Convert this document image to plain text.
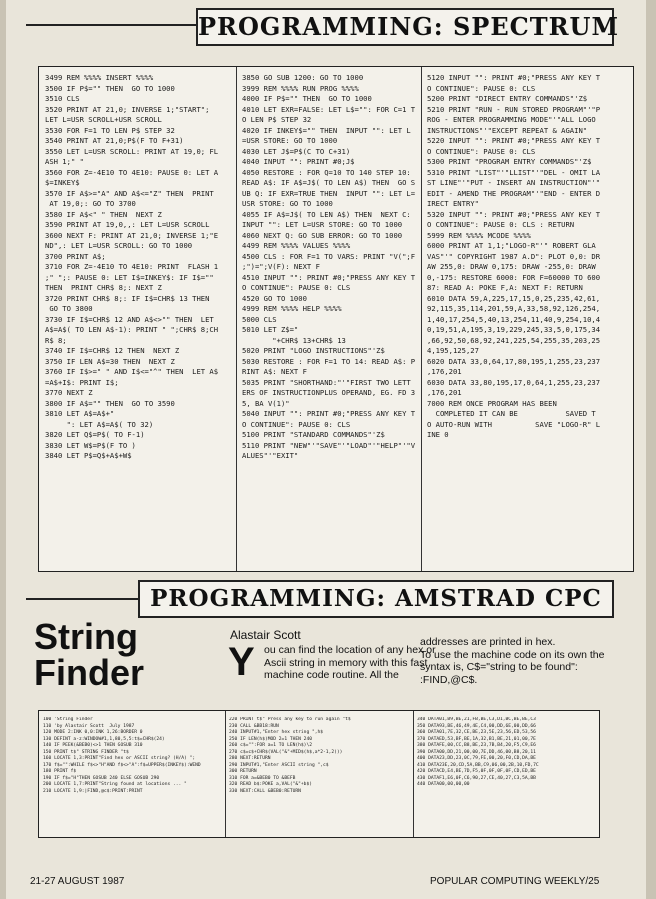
PROGRAMMING: SPECTRUM
3499 REM %%%% INSERT %%%%
3500 IF P$="" THEN  GO TO 1000
3510 CLS
3520 PRINT AT 21,0; INVERSE 1;"START";
LET L=USR SCROLL+USR SCROLL
3530 FOR F=1 TO LEN P$ STEP 32
3540 PRINT AT 21,0;P$(F TO F+31)
3550 LET L=USR SCROLL: PRINT AT 19,0; FL
ASH 1;" "
3560 FOR Z=-4E10 TO 4E10: PAUSE 0: LET A
$=INKEY$
3570 IF A$>="A" AND A$<="Z" THEN  PRINT
AT 19,0;: GO TO 3700
3580 IF A$<" " THEN  NEXT Z
3590 PRINT AT 19,0,,: LET L=USR SCROLL
3600 NEXT F: PRINT AT 21,0; INVERSE 1;"E
ND",: LET L=USR SCROLL: GO TO 1000
3700 PRINT A$;
3710 FOR Z=-4E10 TO 4E10: PRINT  FLASH 1
;" ";: PAUSE 0: LET I$=INKEY$: IF I$=""
THEN  PRINT CHR$ 8;: NEXT Z
3720 PRINT CHR$ 8;: IF I$=CHR$ 13 THEN
GO TO 3800
3730 IF I$=CHR$ 12 AND A$<>"" THEN  LET
A$=A$( TO LEN A$-1): PRINT " ";CHR$ 8;CH
R$ 8;
3740 IF I$=CHR$ 12 THEN  NEXT Z
3750 IF LEN A$=30 THEN  NEXT Z
3760 IF I$>=" " AND I$<="^" THEN  LET A$
=A$+I$: PRINT I$;
3770 NEXT Z
3800 IF A$="" THEN  GO TO 3590
3810 LET A$=A$+"
": LET A$=A$( TO 32)
3820 LET Q$=P$( TO F-1)
3830 LET W$=P$(F TO )
3840 LET P$=Q$+A$+W$
3850 GO SUB 1200: GO TO 1000
3999 REM %%%% RUN PROG %%%%
4000 IF P$="" THEN  GO TO 1000
4010 LET EXR=FALSE: LET L$="": FOR C=1 T
O LEN P$ STEP 32
4020 IF INKEY$="" THEN  INPUT "": LET L
=USR STORE: GO TO 1000
4030 LET J$=P$(C TO C+31)
4040 INPUT "": PRINT #0;J$
4050 RESTORE : FOR Q=10 TO 140 STEP 10:
READ A$: IF A$=J$( TO LEN A$) THEN  GO S
UB Q: IF EXR=TRUE THEN  INPUT "": LET L=
USR STORE: GO TO 1000
4055 IF A$=J$( TO LEN A$) THEN  NEXT C:
INPUT "": LET L=USR STORE: GO TO 1000
4060 NEXT Q: GO SUB ERROR: GO TO 1000
4499 REM %%%% VALUES %%%%
4500 CLS : FOR F=1 TO VARS: PRINT "V(";F
;")=";V(F): NEXT F
4510 INPUT "": PRINT #0;"PRESS ANY KEY T
O CONTINUE": PAUSE 0: CLS
4520 GO TO 1000
4999 REM %%%% HELP %%%%
5000 CLS
5010 LET Z$="
"+CHR$ 13+CHR$ 13
5020 PRINT "LOGO INSTRUCTIONS"'Z$
5030 RESTORE : FOR F=1 TO 14: READ A$: P
RINT A$: NEXT F
5035 PRINT "SHORTHAND:"'"FIRST TWO LETT
ERS OF INSTRUCTIONPLUS OPERAND, EG. FD 3
5, BA V(1)"
5040 INPUT "": PRINT #0;"PRESS ANY KEY T
O CONTINUE": PAUSE 0: CLS
5100 PRINT "STANDARD COMMANDS"'Z$
5110 PRINT "NEW"'"SAVE"'"LOAD"'"HELP"'"V
ALUES"'"EXIT"
5120 INPUT "": PRINT #0;"PRESS ANY KEY T
O CONTINUE": PAUSE 0: CLS
5200 PRINT "DIRECT ENTRY COMMANDS"'Z$
5210 PRINT "RUN - RUN STORED PROGRAM"'"P
ROG - ENTER PROGRAMMING MODE"'"ALL LOGO
INSTRUCTIONS"'"EXCEPT REPEAT & AGAIN"
5220 INPUT "": PRINT #0;"PRESS ANY KEY T
O CONTINUE": PAUSE 0: CLS
5300 PRINT "PROGRAM ENTRY COMMANDS"'Z$
5310 PRINT "LIST"'"LLIST"'"DEL - OMIT LA
ST LINE"'"PUT - INSERT AN INSTRUCTION"'"
EDIT - AMEND THE PROGRAM"'"END - ENTER D
IRECT ENTRY"
5320 INPUT "": PRINT #0;"PRESS ANY KEY T
O CONTINUE": PAUSE 0: CLS : RETURN
5999 REM %%%% MCODE %%%%
6000 PRINT AT 1,1;"LOGO-R"'" ROBERT GLA
VAS"'" COPYRIGHT 1987 A.D": PLOT 0,0: DR
AW 255,0: DRAW 0,175: DRAW -255,0: DRAW
0,-175: RESTORE 6000: FOR F=60000 TO 600
87: READ A: POKE F,A: NEXT F: RETURN
6010 DATA 59,A,225,17,15,0,25,235,42,61,
92,115,35,114,201,59,A,33,58,92,126,254,
1,40,17,254,5,40,13,254,11,40,9,254,10,4
0,19,51,A,195,3,19,229,245,33,5,0,175,34
,66,92,50,68,92,241,225,54,255,35,203,25
4,195,125,27
6020 DATA 33,0,64,17,80,195,1,255,23,237
,176,201
6030 DATA 33,80,195,17,0,64,1,255,23,237
,176,201
7000 REM ONCE PROGRAM HAS BEEN
COMPLETED IT CAN BE           SAVED T
O AUTO-RUN WITH          SAVE "LOGO-R" L
INE 0
PROGRAMMING: AMSTRAD CPC
String
Finder
Alastair Scott
Y ou can find the location of any hex or
Ascii string in memory with this fast
machine code routine. All the
addresses are printed in hex.
To use the machine code on its own the
syntax is, C$="string to be found":
:FIND,@C$.
100 'String Finder
110 'by Alastair Scott  July 1987
120 MODE 2:INK 0,0:INK 1,26:BORDER 0
130 DEFINT a-z:WINDOW#1,1,80,5,5:t$=CHR$(24)
140 IF PEEK(&BEB0)<>1 THEN GOSUB 310
150 PRINT t$" STRING FINDER "t$
160 LOCATE 1,3:PRINT"Find hex or ASCII string? (H/A) ";
170 f$="":WHILE f$<>"H"AND f$<>"A":f$=UPPER$(INKEY$):WEND
180 PRINT f$
190 IF f$="H"THEN GOSUB 240 ELSE GOSUB 290
200 LOCATE 1,7:PRINT"String found at locations ... "
210 LOCATE 1,9:|FIND,@c$:PRINT:PRINT
220 PRINT t$" Press any key to run again "t$
230 CALL &BB18:RUN
240 INPUT#1,"Enter hex string ",h$
250 IF LEN(h$)MOD 2=1 THEN 240
260 c$="":FOR a=1 TO LEN(h$)\2
270 c$=c$+CHR$(VAL("&"+MID$(h$,a*2-1,2)))
280 NEXT:RETURN
290 INPUT#1,"Enter ASCII string ",c$
300 RETURN
310 FOR a=&BEB0 TO &BEFB
320 READ b$:POKE a,VAL("&"+b$)
330 NEXT:CALL &BEB0:RETURN
340 DATA01,B9,BE,21,FB,BE,C3,D1,BC,BE,BE,C3
350 DATA93,BE,46,49,4E,C4,00,DD,6E,00,DD,66
360 DATA01,7E,32,CE,BE,23,5E,23,56,ED,53,56
370 DATAED,53,BF,BE,1A,32,B1,BE,21,01,00,7E
380 DATAFE,00,CC,B8,BE,23,7B,B4,20,F5,C9,E6
390 DATA00,DD,21,00,00,7E,DD,46,00,B8,20,11
400 DATA23,DD,23,0C,79,FE,00,20,F0,CD,DA,BE
410 DATA23E,20,CD,5A,BB,C9,06,00,2B,10,FD,7C
420 DATACD,E4,BE,7D,F5,0F,0F,0F,0F,CD,ED,BE
430 DATAF1,E6,0F,C6,90,27,CE,40,27,C3,5A,BB
440 DATA00,00,00,00
21-27 AUGUST 1987	POPULAR COMPUTING WEEKLY/25
